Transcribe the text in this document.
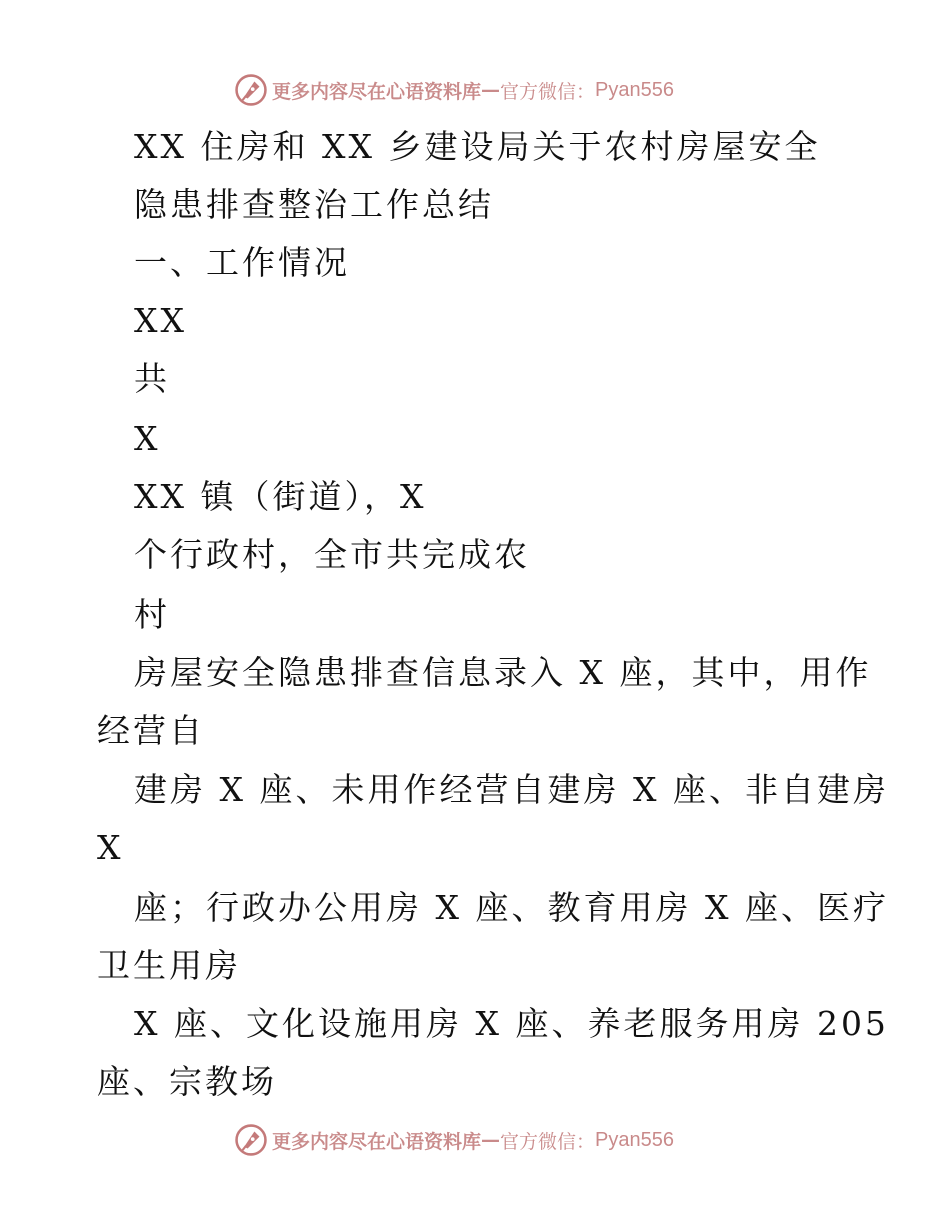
更多内容尽在心语资料库 — 官方微信： Pyan556
XX 住房和 XX 乡建设局关于农村房屋安全
隐患排查整治工作总结
一、工作情况
XX
共
X
XX 镇（街道），X
个行政村，全市共完成农
村
房屋安全隐患排查信息录入 X 座，其中，用作
经营自
建房 X 座、未用作经营自建房 X 座、非自建房
X
座；行政办公用房 X 座、教育用房 X 座、医疗
卫生用房
X 座、文化设施用房 X 座、养老服务用房 205
座、宗教场
更多内容尽在心语资料库 — 官方微信： Pyan556
